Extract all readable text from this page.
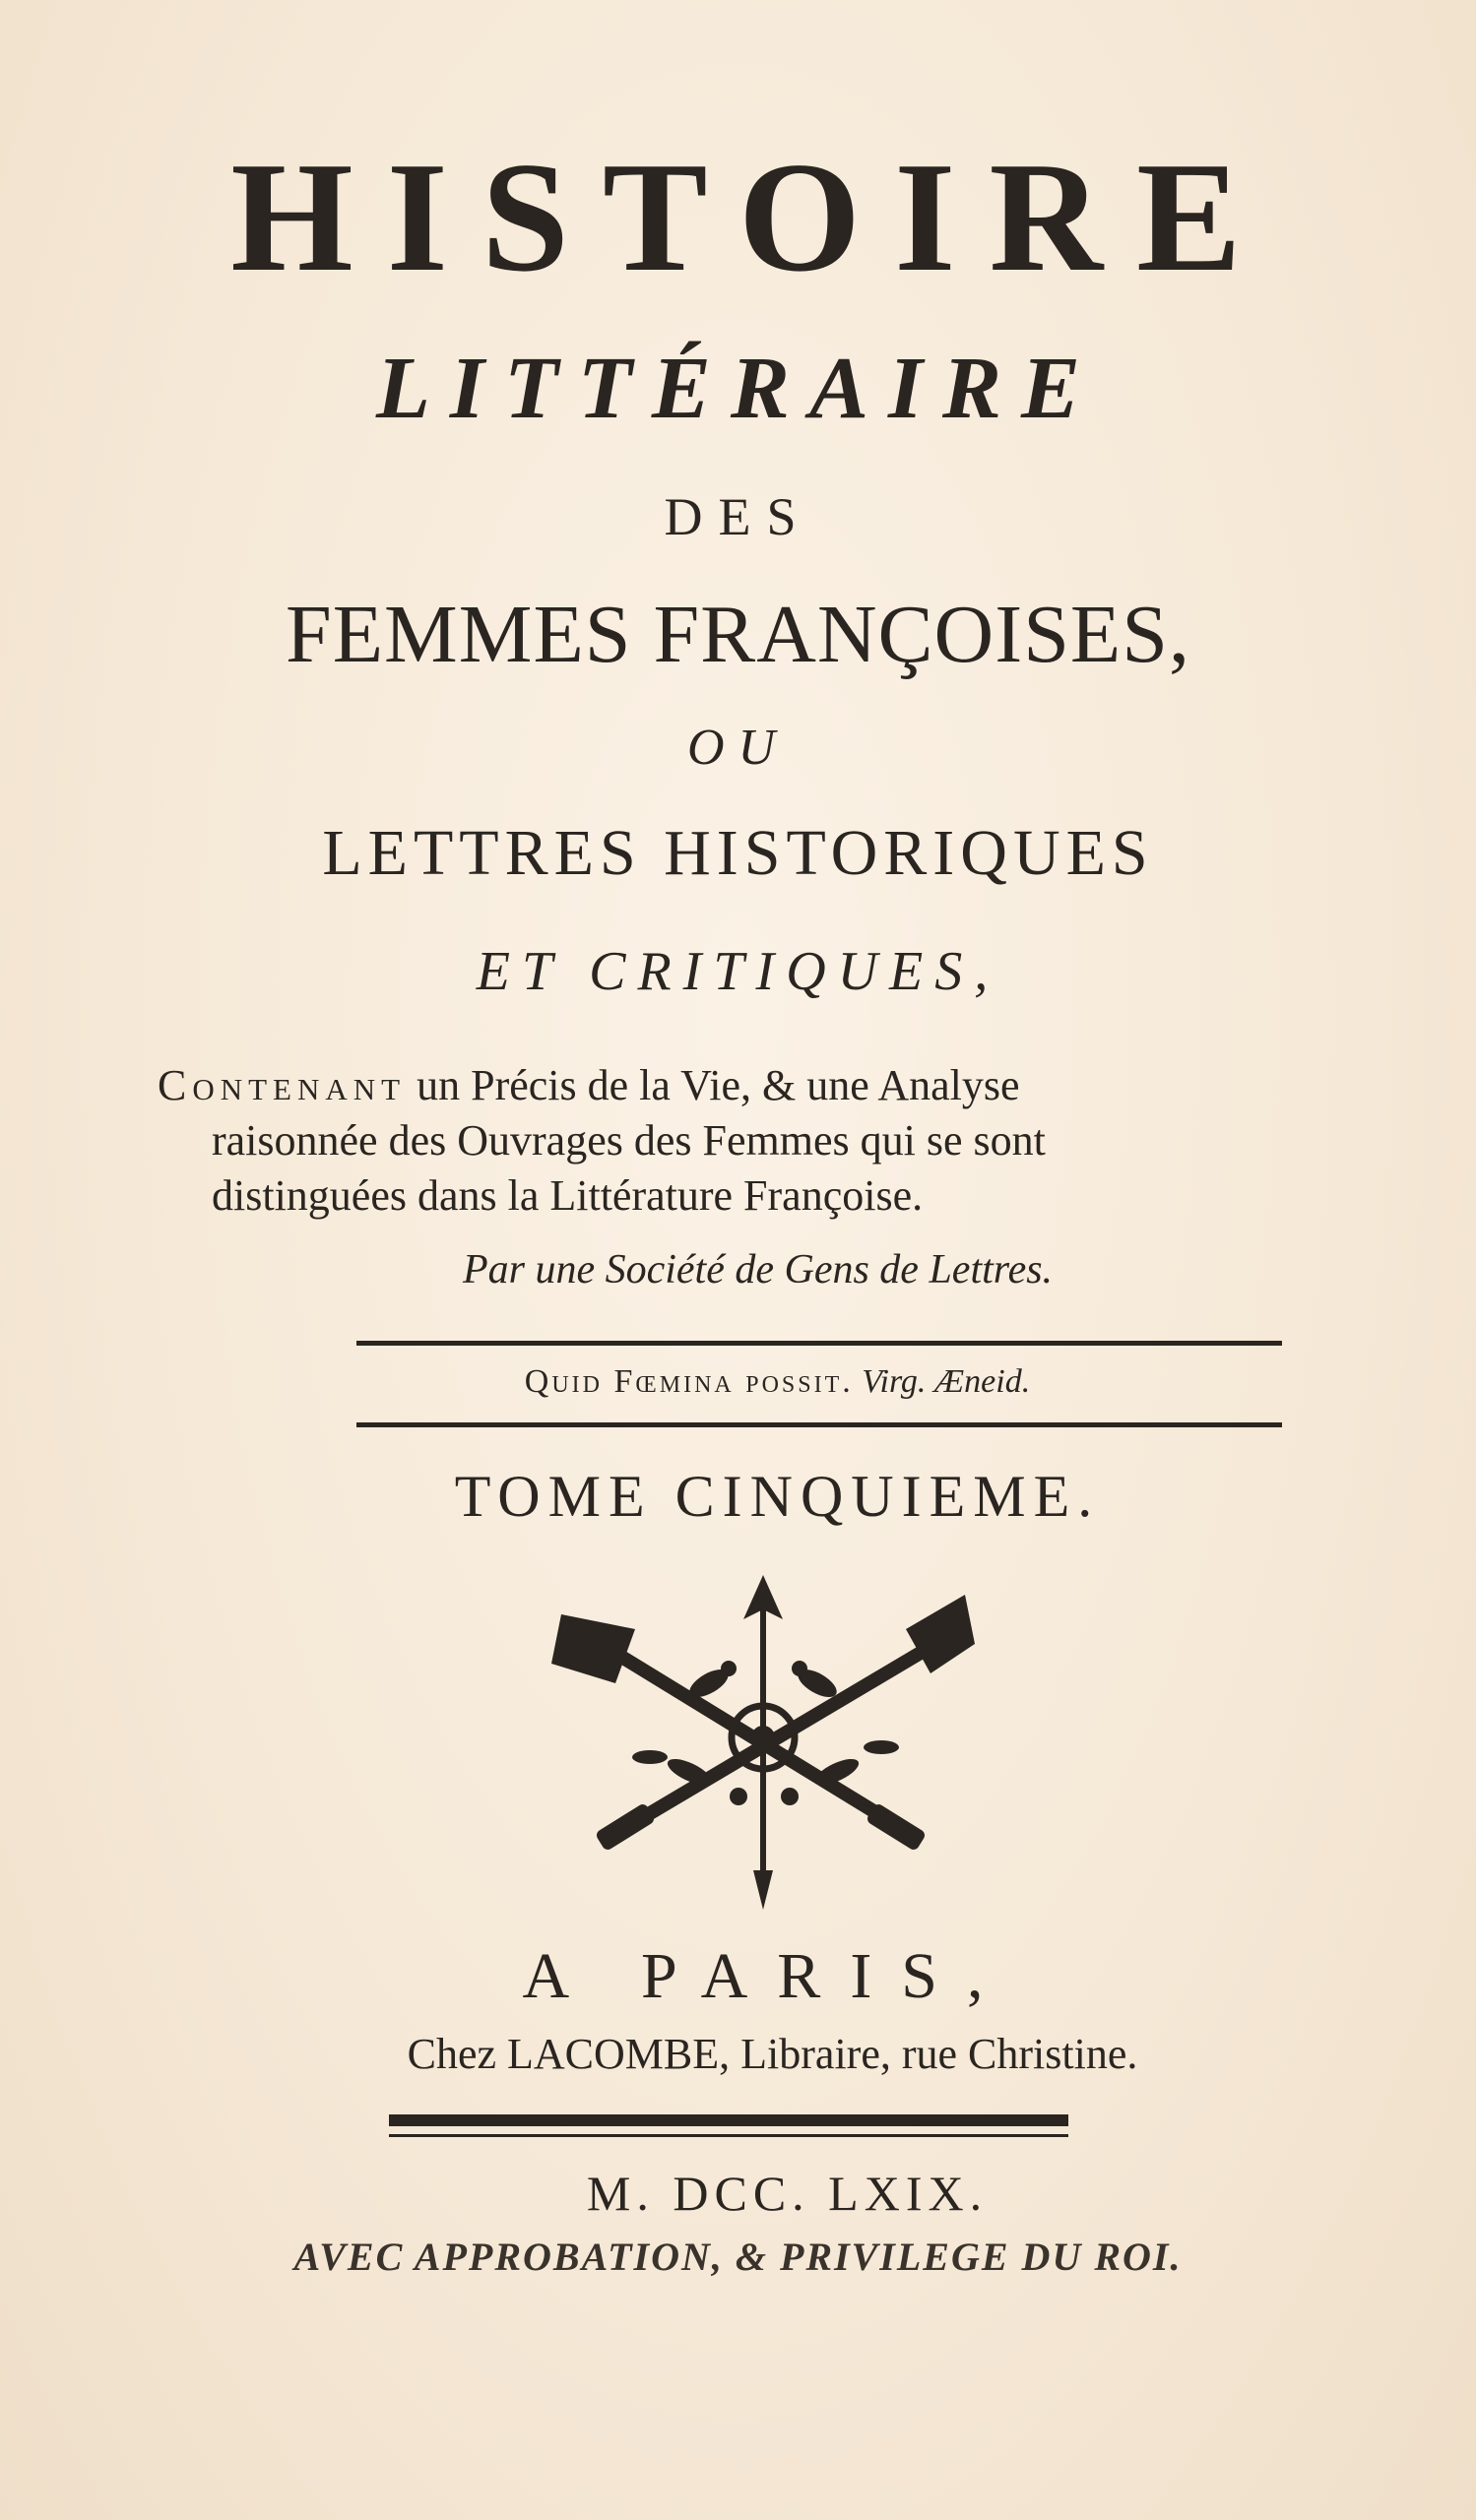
HISTOIRE
LITTÉRAIRE
DES
FEMMES FRANÇOISES,
OU
LETTRES HISTORIQUES
ET CRITIQUES,
Contenant un Précis de la Vie, & une Analyse
raisonnée des Ouvrages des Femmes qui se sont
distinguées dans la Littérature Françoise.
Par une Société de Gens de Lettres.
Quid Fœmina possit. Virg. Æneid.
TOME CINQUIEME.
A PARIS,
Chez LACOMBE, Libraire, rue Christine.
M. DCC. LXIX.
AVEC APPROBATION, & PRIVILEGE DU ROI.
